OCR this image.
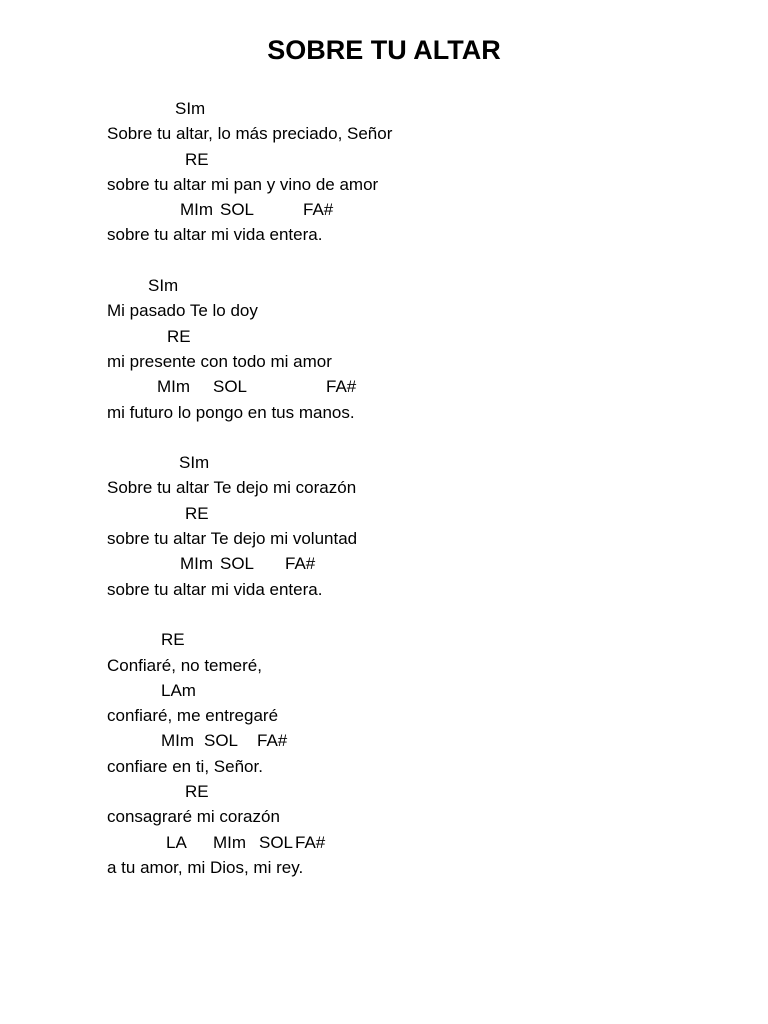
SOBRE TU ALTAR
SIm
Sobre tu altar, lo más preciado, Señor
RE
sobre tu altar mi pan y vino de amor
MIm SOL	FA#
sobre tu altar mi vida entera.
SIm
Mi pasado Te lo doy
RE
mi presente con todo mi amor
MIm SOL	FA#
mi futuro lo pongo en tus manos.
SIm
Sobre tu altar Te dejo mi corazón
RE
sobre tu altar Te dejo mi voluntad
MIm SOL FA#
sobre tu altar mi vida entera.
RE
Confiaré, no temeré,
LAm
confiaré, me entregaré
MIm SOL FA#
confiare en ti, Señor.
RE
consagraré mi corazón
LA MIm SOL FA#
a tu amor, mi Dios, mi rey.
